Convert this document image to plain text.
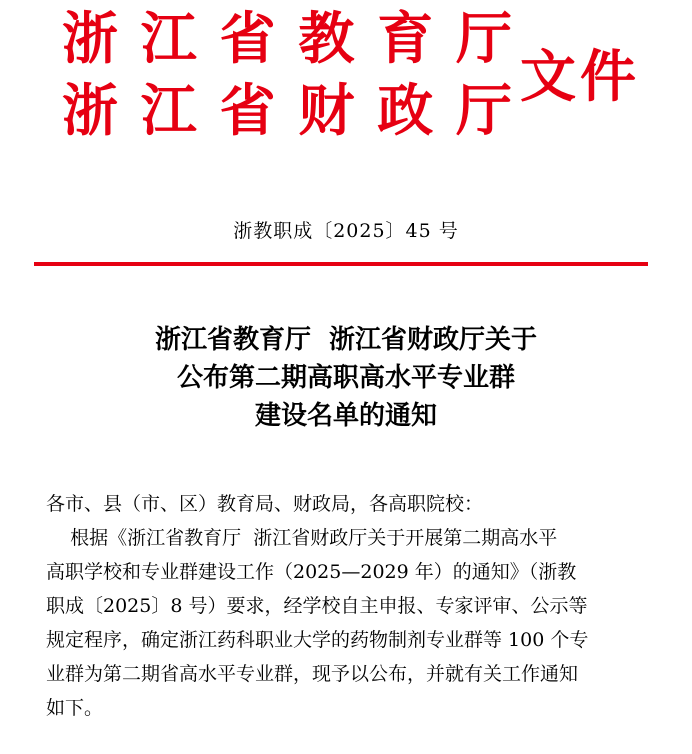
浙 江 省 教 育 厅
浙 江 省 财 政 厅
文件
浙教职成〔2025〕45 号
浙江省教育厅  浙江省财政厅关于
公布第二期高职高水平专业群
建设名单的通知
各市、县（市、区）教育局、财政局，各高职院校：
根据《浙江省教育厅  浙江省财政厅关于开展第二期高水平
高职学校和专业群建设工作（2025—2029 年）的通知》（浙教
职成〔2025〕8 号）要求，经学校自主申报、专家评审、公示等
规定程序，确定浙江药科职业大学的药物制剂专业群等 100 个专
业群为第二期省高水平专业群，现予以公布，并就有关工作通知
如下。
